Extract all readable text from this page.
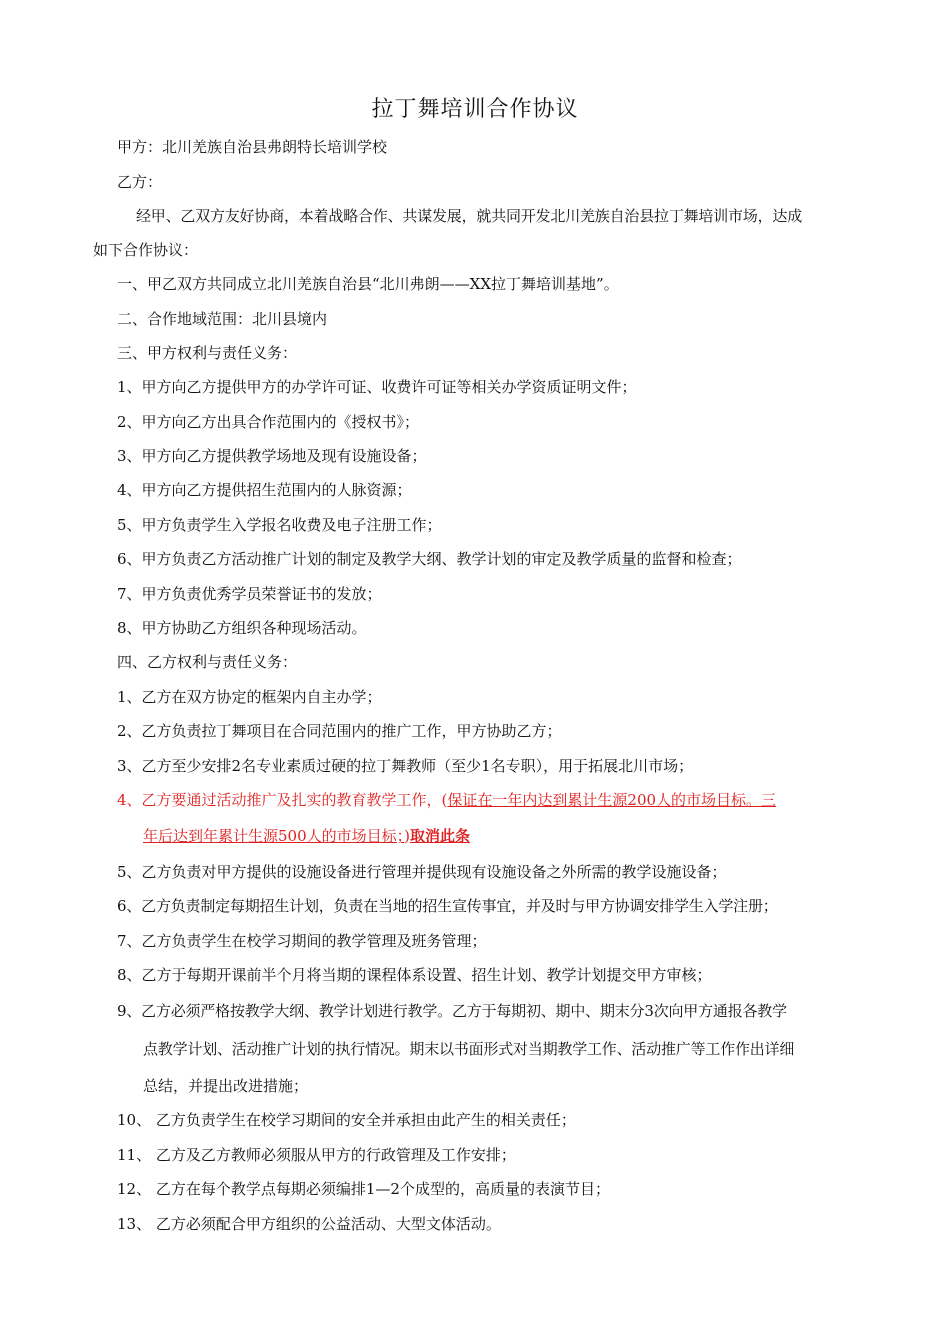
拉丁舞培训合作协议
甲方：北川羌族自治县弗朗特长培训学校
乙方：
经甲、乙双方友好协商，本着战略合作、共谋发展，就共同开发北川羌族自治县拉丁舞培训市场，达成
如下合作协议：
一、甲乙双方共同成立北川羌族自治县“北川弗朗——XX拉丁舞培训基地”。
二、合作地域范围：北川县境内
三、甲方权利与责任义务：
1、甲方向乙方提供甲方的办学许可证、收费许可证等相关办学资质证明文件；
2、甲方向乙方出具合作范围内的《授权书》；
3、甲方向乙方提供教学场地及现有设施设备；
4、甲方向乙方提供招生范围内的人脉资源；
5、甲方负责学生入学报名收费及电子注册工作；
6、甲方负责乙方活动推广计划的制定及教学大纲、教学计划的审定及教学质量的监督和检查；
7、甲方负责优秀学员荣誉证书的发放；
8、甲方协助乙方组织各种现场活动。
四、乙方权利与责任义务：
1、乙方在双方协定的框架内自主办学；
2、乙方负责拉丁舞项目在合同范围内的推广工作，甲方协助乙方；
3、乙方至少安排2名专业素质过硬的拉丁舞教师（至少1名专职），用于拓展北川市场；
4、乙方要通过活动推广及扎实的教育教学工作，(保证在一年内达到累计生源200人的市场目标。三
年后达到年累计生源500人的市场目标；)取消此条
5、乙方负责对甲方提供的设施设备进行管理并提供现有设施设备之外所需的教学设施设备；
6、乙方负责制定每期招生计划，负责在当地的招生宣传事宜，并及时与甲方协调安排学生入学注册；
7、乙方负责学生在校学习期间的教学管理及班务管理；
8、乙方于每期开课前半个月将当期的课程体系设置、招生计划、教学计划提交甲方审核；
9、乙方必须严格按教学大纲、教学计划进行教学。乙方于每期初、期中、期末分3次向甲方通报各教学
点教学计划、活动推广计划的执行情况。期末以书面形式对当期教学工作、活动推广等工作作出详细
总结，并提出改进措施；
10、 乙方负责学生在校学习期间的安全并承担由此产生的相关责任；
11、 乙方及乙方教师必须服从甲方的行政管理及工作安排；
12、 乙方在每个教学点每期必须编排1—2个成型的，高质量的表演节目；
13、 乙方必须配合甲方组织的公益活动、大型文体活动。
